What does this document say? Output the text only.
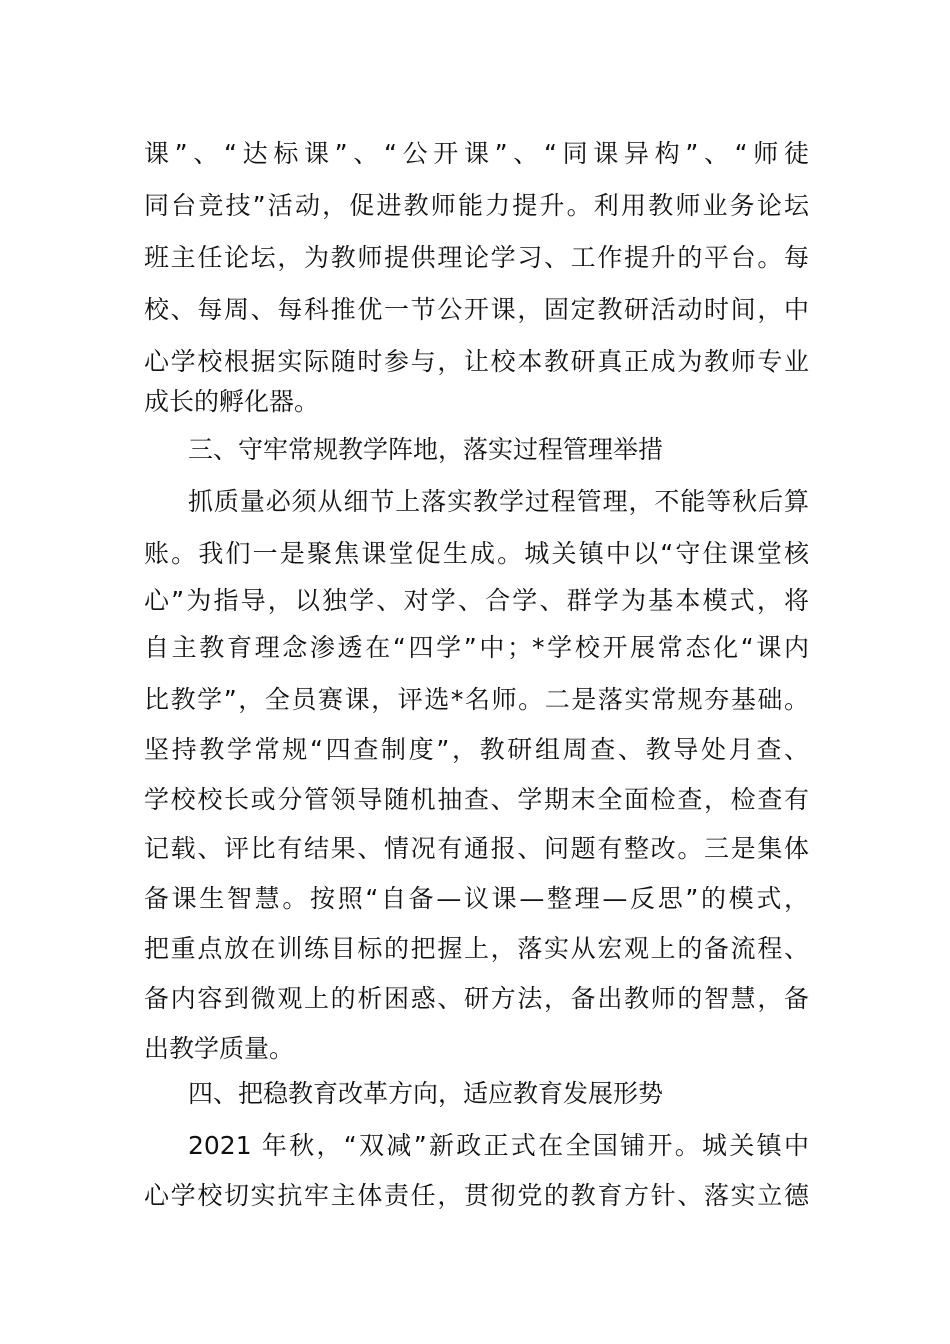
课”、“达标课”、“公开课”、“同课异构”、“师徒
同台竞技”活动，促进教师能力提升。利用教师业务论坛
班主任论坛，为教师提供理论学习、工作提升的平台。每
校、每周、每科推优一节公开课，固定教研活动时间，中
心学校根据实际随时参与，让校本教研真正成为教师专业
成长的孵化器。
三、守牢常规教学阵地，落实过程管理举措
抓质量必须从细节上落实教学过程管理，不能等秋后算
账。我们一是聚焦课堂促生成。城关镇中以“守住课堂核
心”为指导，以独学、对学、合学、群学为基本模式，将
自主教育理念渗透在“四学”中；*学校开展常态化“课内
比教学”，全员赛课，评选*名师。二是落实常规夯基础。
坚持教学常规“四查制度”，教研组周查、教导处月查、
学校校长或分管领导随机抽查、学期末全面检查，检查有
记载、评比有结果、情况有通报、问题有整改。三是集体
备课生智慧。按照“自备—议课—整理—反思”的模式，
把重点放在训练目标的把握上，落实从宏观上的备流程、
备内容到微观上的析困惑、研方法，备出教师的智慧，备
出教学质量。
四、把稳教育改革方向，适应教育发展形势
2021 年秋，“双减”新政正式在全国铺开。城关镇中
心学校切实抗牢主体责任，贯彻党的教育方针、落实立德
